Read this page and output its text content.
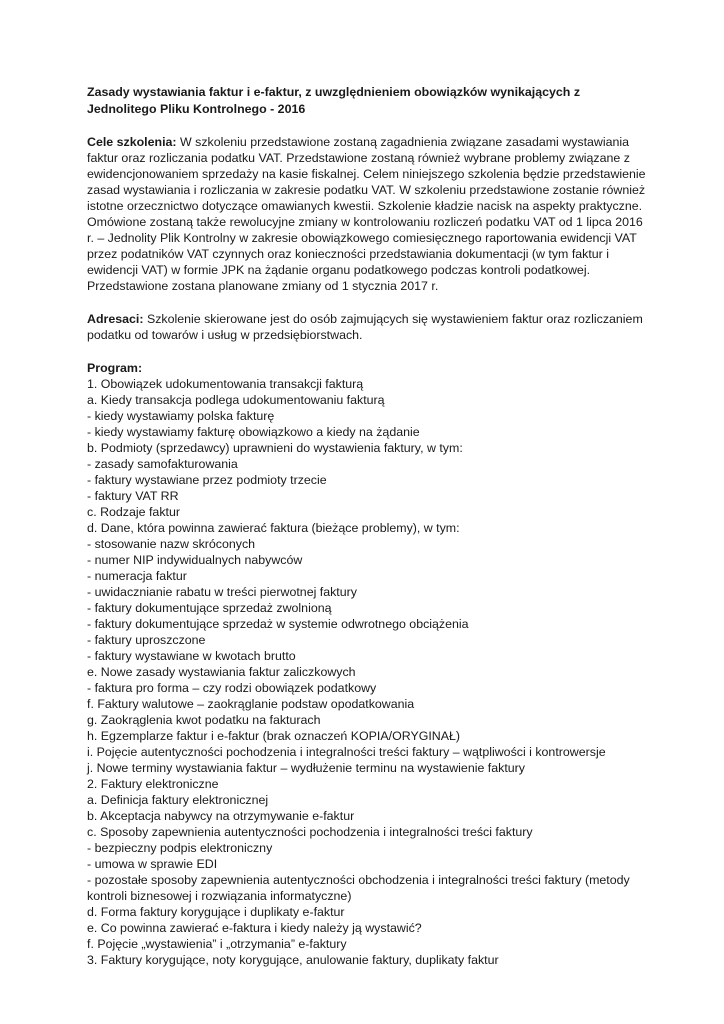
Zasady wystawiania faktur i e-faktur, z uwzględnieniem obowiązków wynikających z Jednolitego Pliku Kontrolnego - 2016

Cele szkolenia: W szkoleniu przedstawione zostaną zagadnienia związane zasadami wystawiania faktur oraz rozliczania podatku VAT. Przedstawione zostaną również wybrane problemy związane z ewidencjonowaniem sprzedaży na kasie fiskalnej. Celem niniejszego szkolenia będzie przedstawienie zasad wystawiania i rozliczania w zakresie podatku VAT. W szkoleniu przedstawione zostanie również istotne orzecznictwo dotyczące omawianych kwestii. Szkolenie kładzie nacisk na aspekty praktyczne. Omówione zostaną także rewolucyjne zmiany w kontrolowaniu rozliczeń podatku VAT od 1 lipca 2016 r. – Jednolity Plik Kontrolny w zakresie obowiązkowego comiesięcznego raportowania ewidencji VAT przez podatników VAT czynnych oraz konieczności przedstawiania dokumentacji (w tym faktur i ewidencji VAT) w formie JPK na żądanie organu podatkowego podczas kontroli podatkowej. Przedstawione zostana planowane zmiany od 1 stycznia 2017 r.

Adresaci: Szkolenie skierowane jest do osób zajmujących się wystawieniem faktur oraz rozliczaniem podatku od towarów i usług w przedsiębiorstwach.

Program:
1. Obowiązek udokumentowania transakcji fakturą
a. Kiedy transakcja podlega udokumentowaniu fakturą
- kiedy wystawiamy polska fakturę
- kiedy wystawiamy fakturę obowiązkowo a kiedy na żądanie
b. Podmioty (sprzedawcy) uprawnieni do wystawienia faktury, w tym:
- zasady samofakturowania
- faktury wystawiane przez podmioty trzecie
- faktury VAT RR
c. Rodzaje faktur
d. Dane, która powinna zawierać faktura (bieżące problemy), w tym:
- stosowanie nazw skróconych
- numer NIP indywidualnych nabywców
- numeracja faktur
- uwidacznianie rabatu w treści pierwotnej faktury
- faktury dokumentujące sprzedaż zwolnioną
- faktury dokumentujące sprzedaż w systemie odwrotnego obciążenia
- faktury uproszczone
- faktury wystawiane w kwotach brutto
e. Nowe zasady wystawiania faktur zaliczkowych
- faktura pro forma – czy rodzi obowiązek podatkowy
f. Faktury walutowe – zaokrąglanie podstaw opodatkowania
g. Zaokrąglenia kwot podatku na fakturach
h. Egzemplarze faktur i e-faktur (brak oznaczeń KOPIA/ORYGINAŁ)
i. Pojęcie autentyczności pochodzenia i integralności treści faktury – wątpliwości i kontrowersje
j. Nowe terminy wystawiania faktur – wydłużenie terminu na wystawienie faktury
2. Faktury elektroniczne
a. Definicja faktury elektronicznej
b. Akceptacja nabywcy na otrzymywanie e-faktur
c. Sposoby zapewnienia autentyczności pochodzenia i integralności treści faktury
- bezpieczny podpis elektroniczny
- umowa w sprawie EDI
- pozostałe sposoby zapewnienia autentyczności obchodzenia i integralności treści faktury (metody kontroli biznesowej i rozwiązania informatyczne)
d. Forma faktury korygujące i duplikaty e-faktur
e. Co powinna zawierać e-faktura i kiedy należy ją wystawić?
f. Pojęcie „wystawienia” i „otrzymania” e-faktury
3. Faktury korygujące, noty korygujące, anulowanie faktury, duplikaty faktur
